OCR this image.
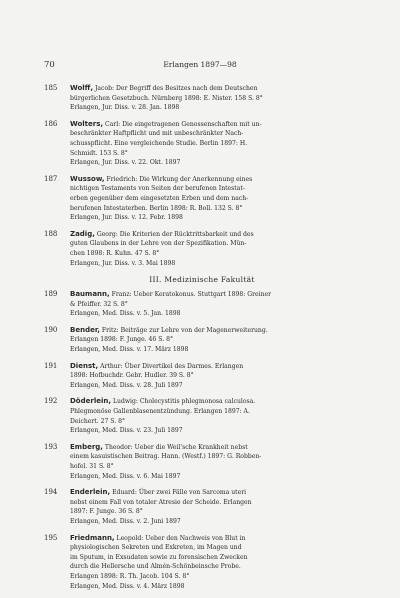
70	Erlangen 1897—98
185	Wolff, Jacob: Der Begriff des Besitzes nach dem Deutschen

bürgerlichen Gesetzbuch. Nürnberg 1898: E. Nister. 158 S. 8°

Erlangen, Jur. Diss. v. 28. Jan. 1898

186	Wolters, Carl: Die eingetragenen Genossenschaften mit un-

beschränkter Haftpflicht und mit unbeschränkter Nach-

schusspflicht. Eine vergleichende Studie. Berlin 1897: H.

Schmidt. 153 S. 8°

Erlangen, Jur. Diss. v. 22. Okt. 1897

187	Wussow, Friedrich: Die Wirkung der Anerkennung eines

nichtigen Testaments von Seiten der berufenen Intestat-

erben gegenüber dem eingesetzten Erben und dem nach-

berufenen Intestaterben. Berlin 1898: R. Boll. 132 S. 8°

Erlangen, Jur. Diss. v. 12. Febr. 1898

188	Zadig, Georg: Die Kriterien der Rücktrittsbarkeit und des

guten Glaubens in der Lehre von der Spezifikation. Mün-

chen 1898: R. Kuhn. 47 S. 8°

Erlangen, Jur. Diss. v. 3. Mai 1898

III. Medizinische Fakultät
189	Baumann, Franz: Ueber Keratokonus. Stuttgart 1898: Greiner

& Pfeiffer. 32 S. 8°

Erlangen, Med. Diss. v. 5. Jan. 1898

190	Bender, Fritz: Beiträge zur Lehre von der Magenerweiterung.

Erlangen 1898: F. Junge. 46 S. 8°

Erlangen, Med. Diss. v. 17. März 1898

191	Dienst, Arthur: Über Divertikel des Darmes. Erlangen

1898: Hofbuchdr. Gebr. Hudler. 39 S. 8°

Erlangen, Med. Diss. v. 28. Juli 1897

192	Döderlein, Ludwig: Cholecystitis phlegmonosa calculosa.

Phlegmonöse Gallenblasenentzündung. Erlangen 1897: A.

Deichert. 27 S. 8°

Erlangen, Med. Diss. v. 23. Juli 1897

193	Emberg, Theodor: Ueber die Weil'sche Krankheit nebst

einem kasuistischen Beitrag. Hann. (Westf.) 1897: G. Robben-

hofel. 31 S. 8°

Erlangen, Med. Diss. v. 6. Mai 1897

194	Enderlein, Eduard: Über zwei Fälle von Sarcoma uteri

nebst einem Fall von totaler Atresie der Scheide. Erlangen

1897: F. Junge. 36 S. 8°

Erlangen, Med. Diss. v. 2. Juni 1897

195	Friedmann, Leopold: Ueber den Nachweis von Blut in

physiologischen Sekreten und Exkreten, im Magen und

im Sputum, in Exsudaten sowie zu forensischen Zwecken

durch die Hellersche und Almén-Schönbeinsche Probe.

Erlangen 1898: R. Th. Jacob. 104 S. 8°

Erlangen, Med. Diss. v. 4. März 1898
